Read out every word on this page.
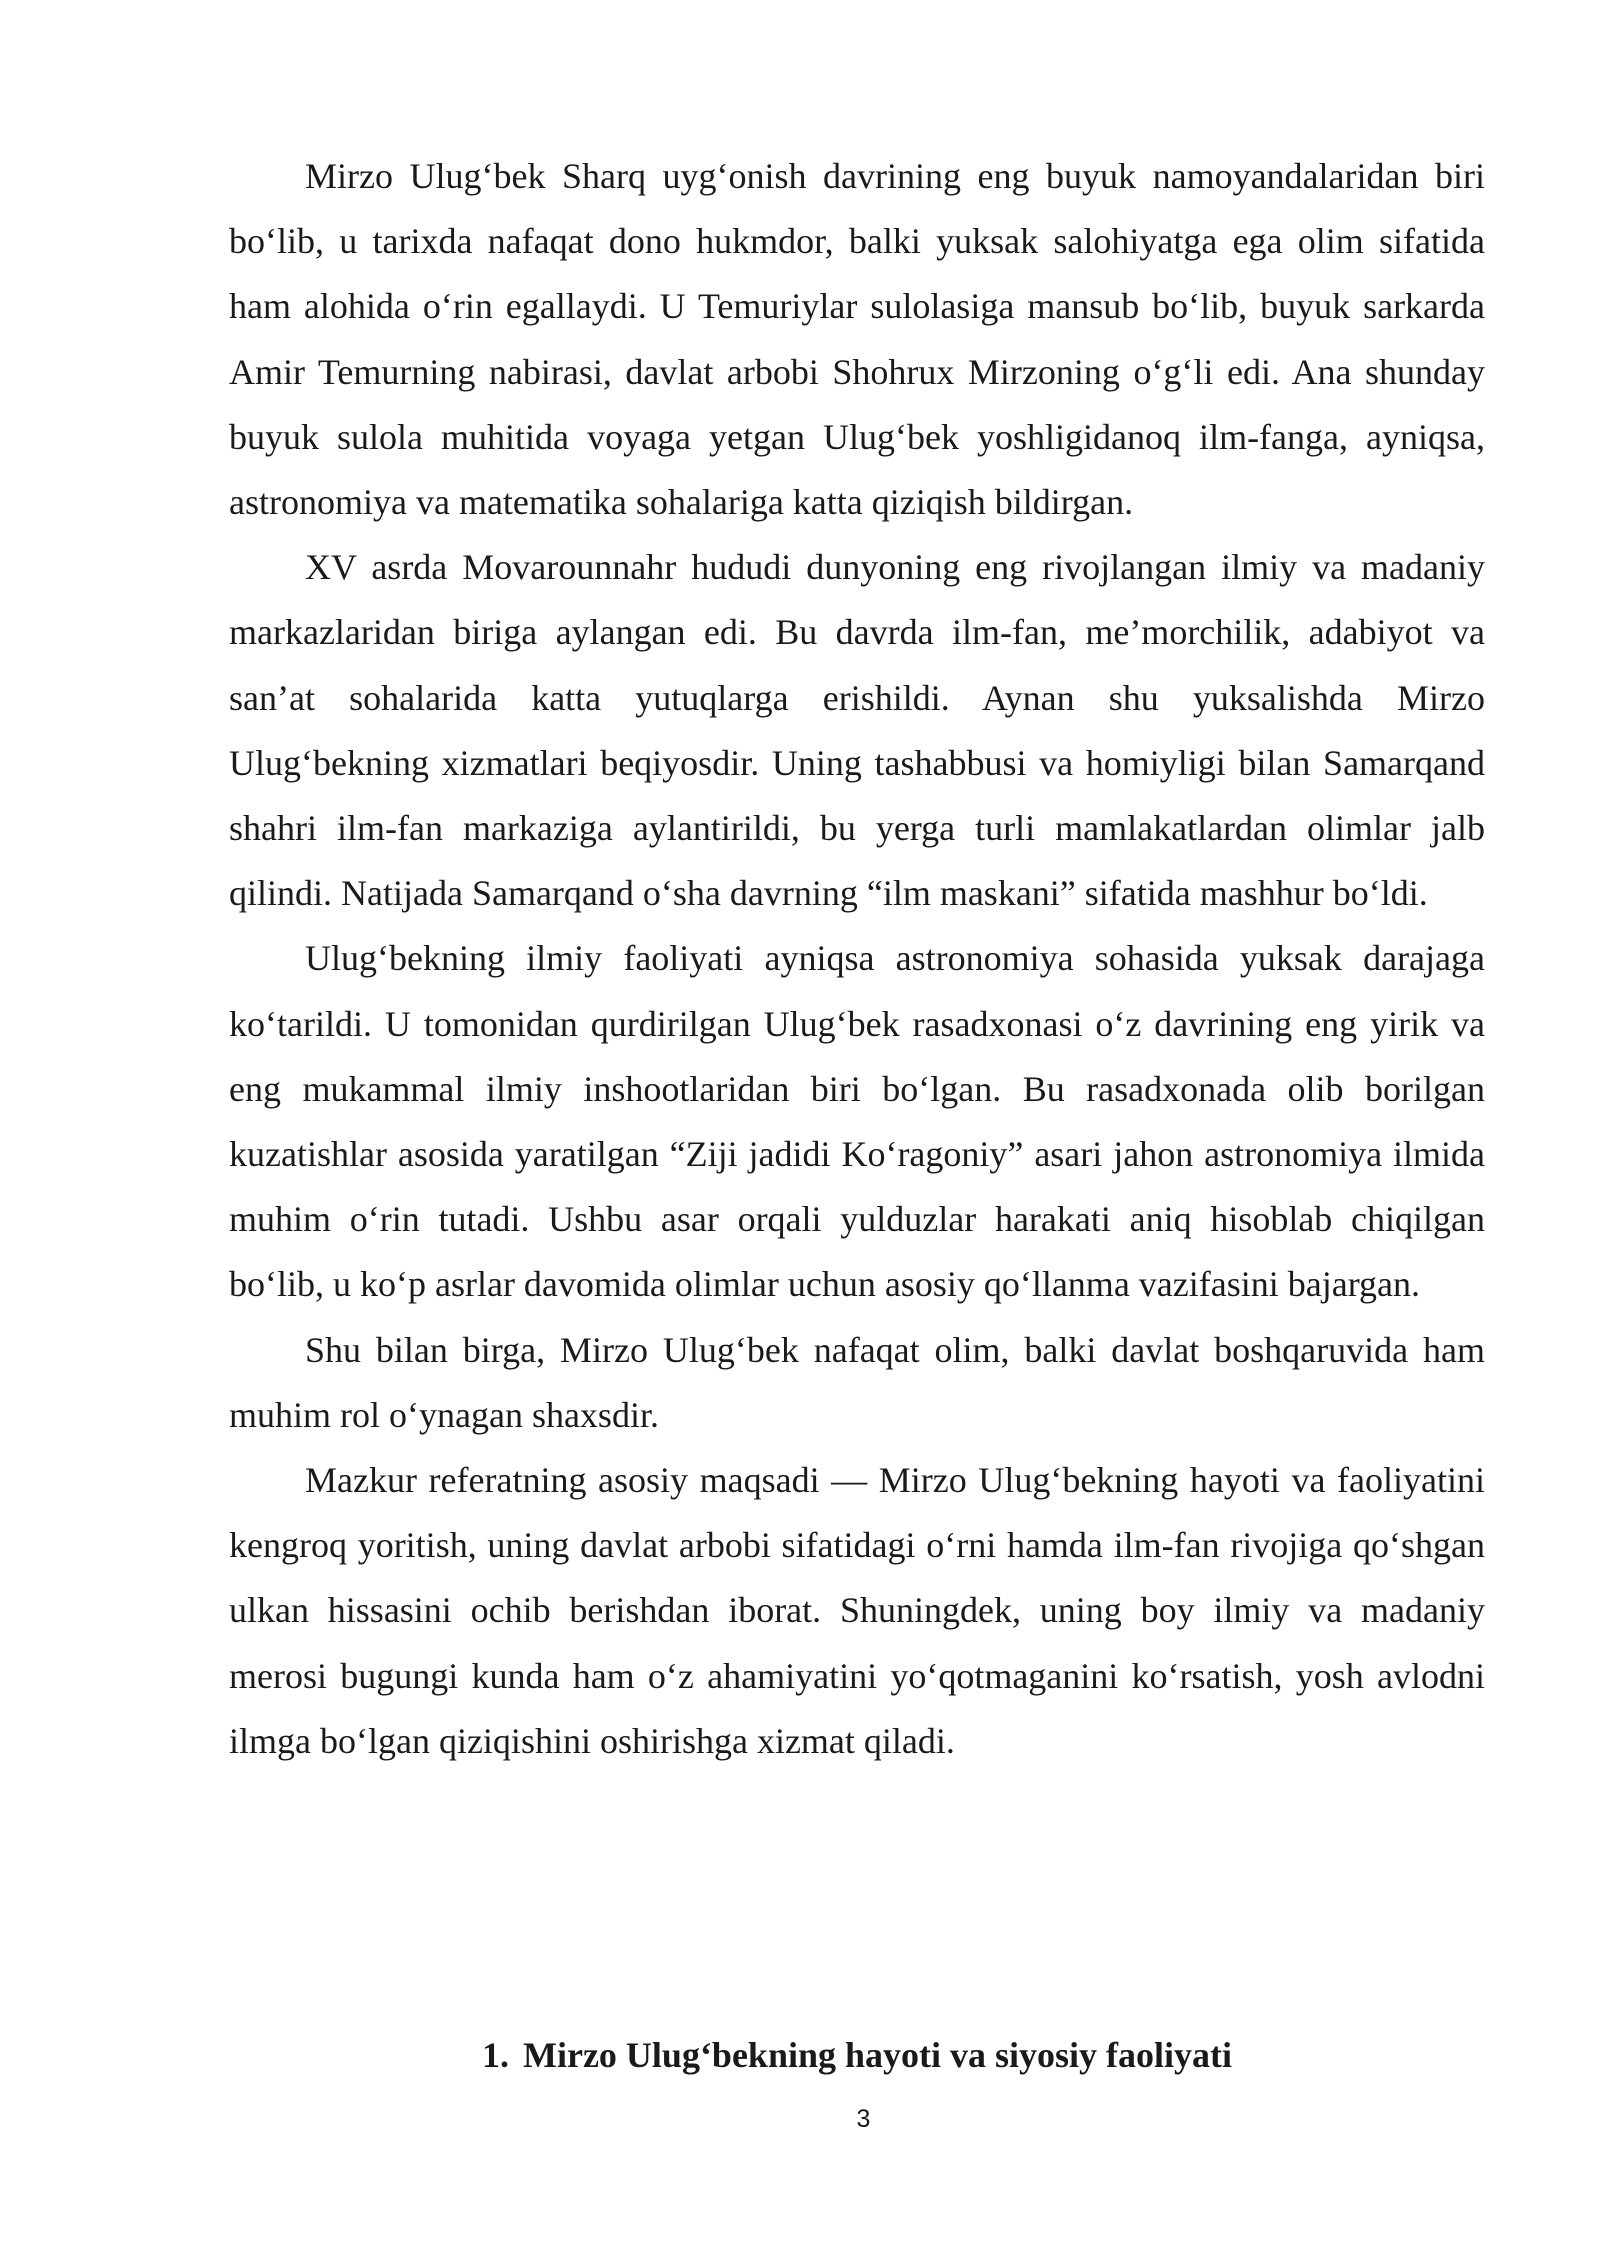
Mirzo Ulug‘bek Sharq uyg‘onish davrining eng buyuk namoyandalaridan biri bo‘lib, u tarixda nafaqat dono hukmdor, balki yuksak salohiyatga ega olim sifatida ham alohida o‘rin egallaydi. U Temuriylar sulolasiga mansub bo‘lib, buyuk sarkarda Amir Temurning nabirasi, davlat arbobi Shohrux Mirzoning o‘g‘li edi. Ana shunday buyuk sulola muhitida voyaga yetgan Ulug‘bek yoshligidanoq ilm-fanga, ayniqsa, astronomiya va matematika sohalariga katta qiziqish bildirgan.

XV asrda Movarounnahr hududi dunyoning eng rivojlangan ilmiy va madaniy markazlaridan biriga aylangan edi. Bu davrda ilm-fan, me’morchilik, adabiyot va san’at sohalarida katta yutuqlarga erishildi. Aynan shu yuksalishda Mirzo Ulug‘bekning xizmatlari beqiyosdir. Uning tashabbusi va homiyligi bilan Samarqand shahri ilm-fan markaziga aylantirildi, bu yerga turli mamlakatlardan olimlar jalb qilindi. Natijada Samarqand o‘sha davrning “ilm maskani” sifatida mashhur bo‘ldi.

Ulug‘bekning ilmiy faoliyati ayniqsa astronomiya sohasida yuksak darajaga ko‘tarildi. U tomonidan qurdirilgan Ulug‘bek rasadxonasi o‘z davrining eng yirik va eng mukammal ilmiy inshootlaridan biri bo‘lgan. Bu rasadxonada olib borilgan kuzatishlar asosida yaratilgan “Ziji jadidi Ko‘ragoniy” asari jahon astronomiya ilmida muhim o‘rin tutadi. Ushbu asar orqali yulduzlar harakati aniq hisoblab chiqilgan bo‘lib, u ko‘p asrlar davomida olimlar uchun asosiy qo‘llanma vazifasini bajargan.

Shu bilan birga, Mirzo Ulug‘bek nafaqat olim, balki davlat boshqaruvida ham muhim rol o‘ynagan shaxsdir.

Mazkur referatning asosiy maqsadi — Mirzo Ulug‘bekning hayoti va faoliyatini kengroq yoritish, uning davlat arbobi sifatidagi o‘rni hamda ilm-fan rivojiga qo‘shgan ulkan hissasini ochib berishdan iborat. Shuningdek, uning boy ilmiy va madaniy merosi bugungi kunda ham o‘z ahamiyatini yo‘qotmaganini ko‘rsatish, yosh avlodni ilmga bo‘lgan qiziqishini oshirishga xizmat qiladi.

1. Mirzo Ulug‘bekning hayoti va siyosiy faoliyati
3
